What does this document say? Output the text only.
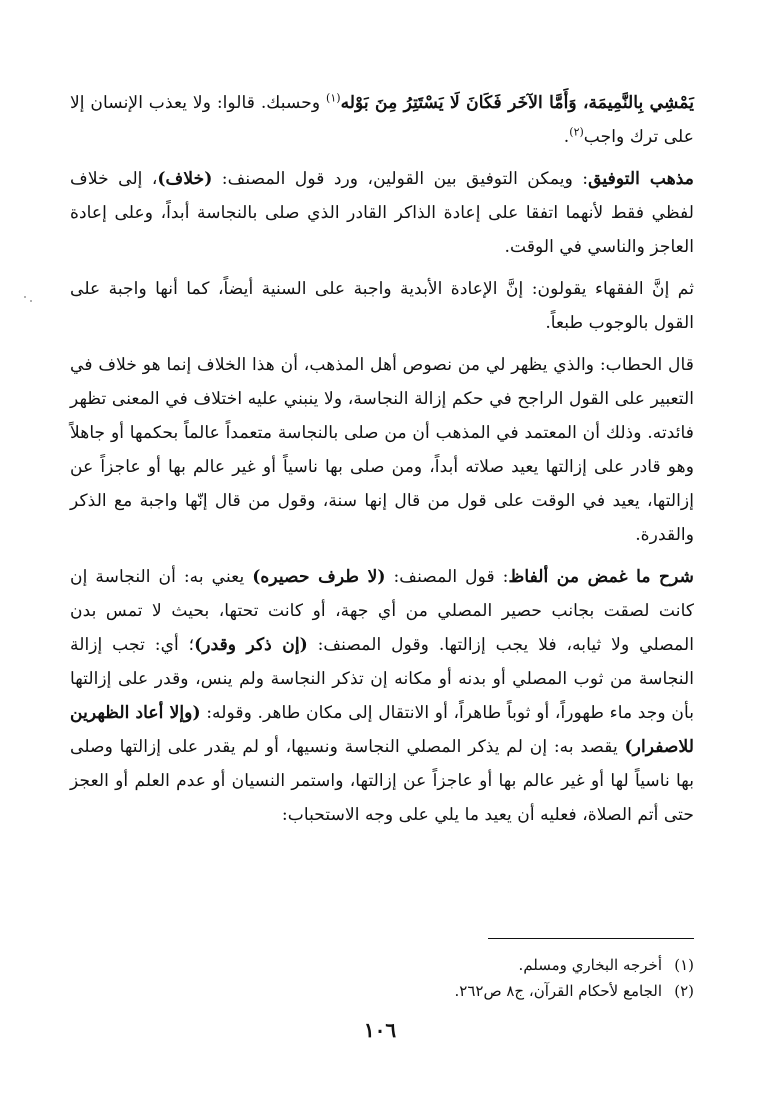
يَمْشِي بِالنَّمِيمَة، وَأَمَّا الآخَر فَكَانَ لَا يَسْتَتِرُ مِنَ بَوْله$^{(١)}$ وحسبك. قالوا: ولا يعذب الإنسان إلا على ترك واجب$^{(٢)}$.

مذهب التوفيق: ويمكن التوفيق بين القولين، ورد قول المصنف: (خلاف)، إلى خلاف لفظي فقط لأنهما اتفقا على إعادة الذاكر القادر الذي صلى بالنجاسة أبداً، وعلى إعادة العاجز والناسي في الوقت.

ثم إنَّ الفقهاء يقولون: إنَّ الإعادة الأبدية واجبة على السنية أيضاً، كما أنها واجبة على القول بالوجوب طبعاً.

قال الحطاب: والذي يظهر لي من نصوص أهل المذهب، أن هذا الخلاف إنما هو خلاف في التعبير على القول الراجح في حكم إزالة النجاسة، ولا ينبني عليه اختلاف في المعنى تظهر فائدته. وذلك أن المعتمد في المذهب أن من صلى بالنجاسة متعمداً عالماً بحكمها أو جاهلاً وهو قادر على إزالتها يعيد صلاته أبداً، ومن صلى بها ناسياً أو غير عالم بها أو عاجزاً عن إزالتها، يعيد في الوقت على قول من قال إنها سنة، وقول من قال إنّها واجبة مع الذكر والقدرة.

شرح ما غمض من ألفاظ: قول المصنف: (لا طرف حصيره) يعني به: أن النجاسة إن كانت لصقت بجانب حصير المصلي من أي جهة، أو كانت تحتها، بحيث لا تمس بدن المصلي ولا ثيابه، فلا يجب إزالتها. وقول المصنف: (إن ذكر وقدر)؛ أي: تجب إزالة النجاسة من ثوب المصلي أو بدنه أو مكانه إن تذكر النجاسة ولم ينس، وقدر على إزالتها بأن وجد ماء طهوراً، أو ثوباً طاهراً، أو الانتقال إلى مكان طاهر. وقوله: (وإلا أعاد الظهرين للاصفرار) يقصد به: إن لم يذكر المصلي النجاسة ونسيها، أو لم يقدر على إزالتها وصلى بها ناسياً لها أو غير عالم بها أو عاجزاً عن إزالتها، واستمر النسيان أو عدم العلم أو العجز حتى أتم الصلاة، فعليه أن يعيد ما يلي على وجه الاستحباب:

(١)
أخرجه البخاري ومسلم.
(٢)
الجامع لأحكام القرآن، ج٨ ص٢٦٢.
١٠٦
